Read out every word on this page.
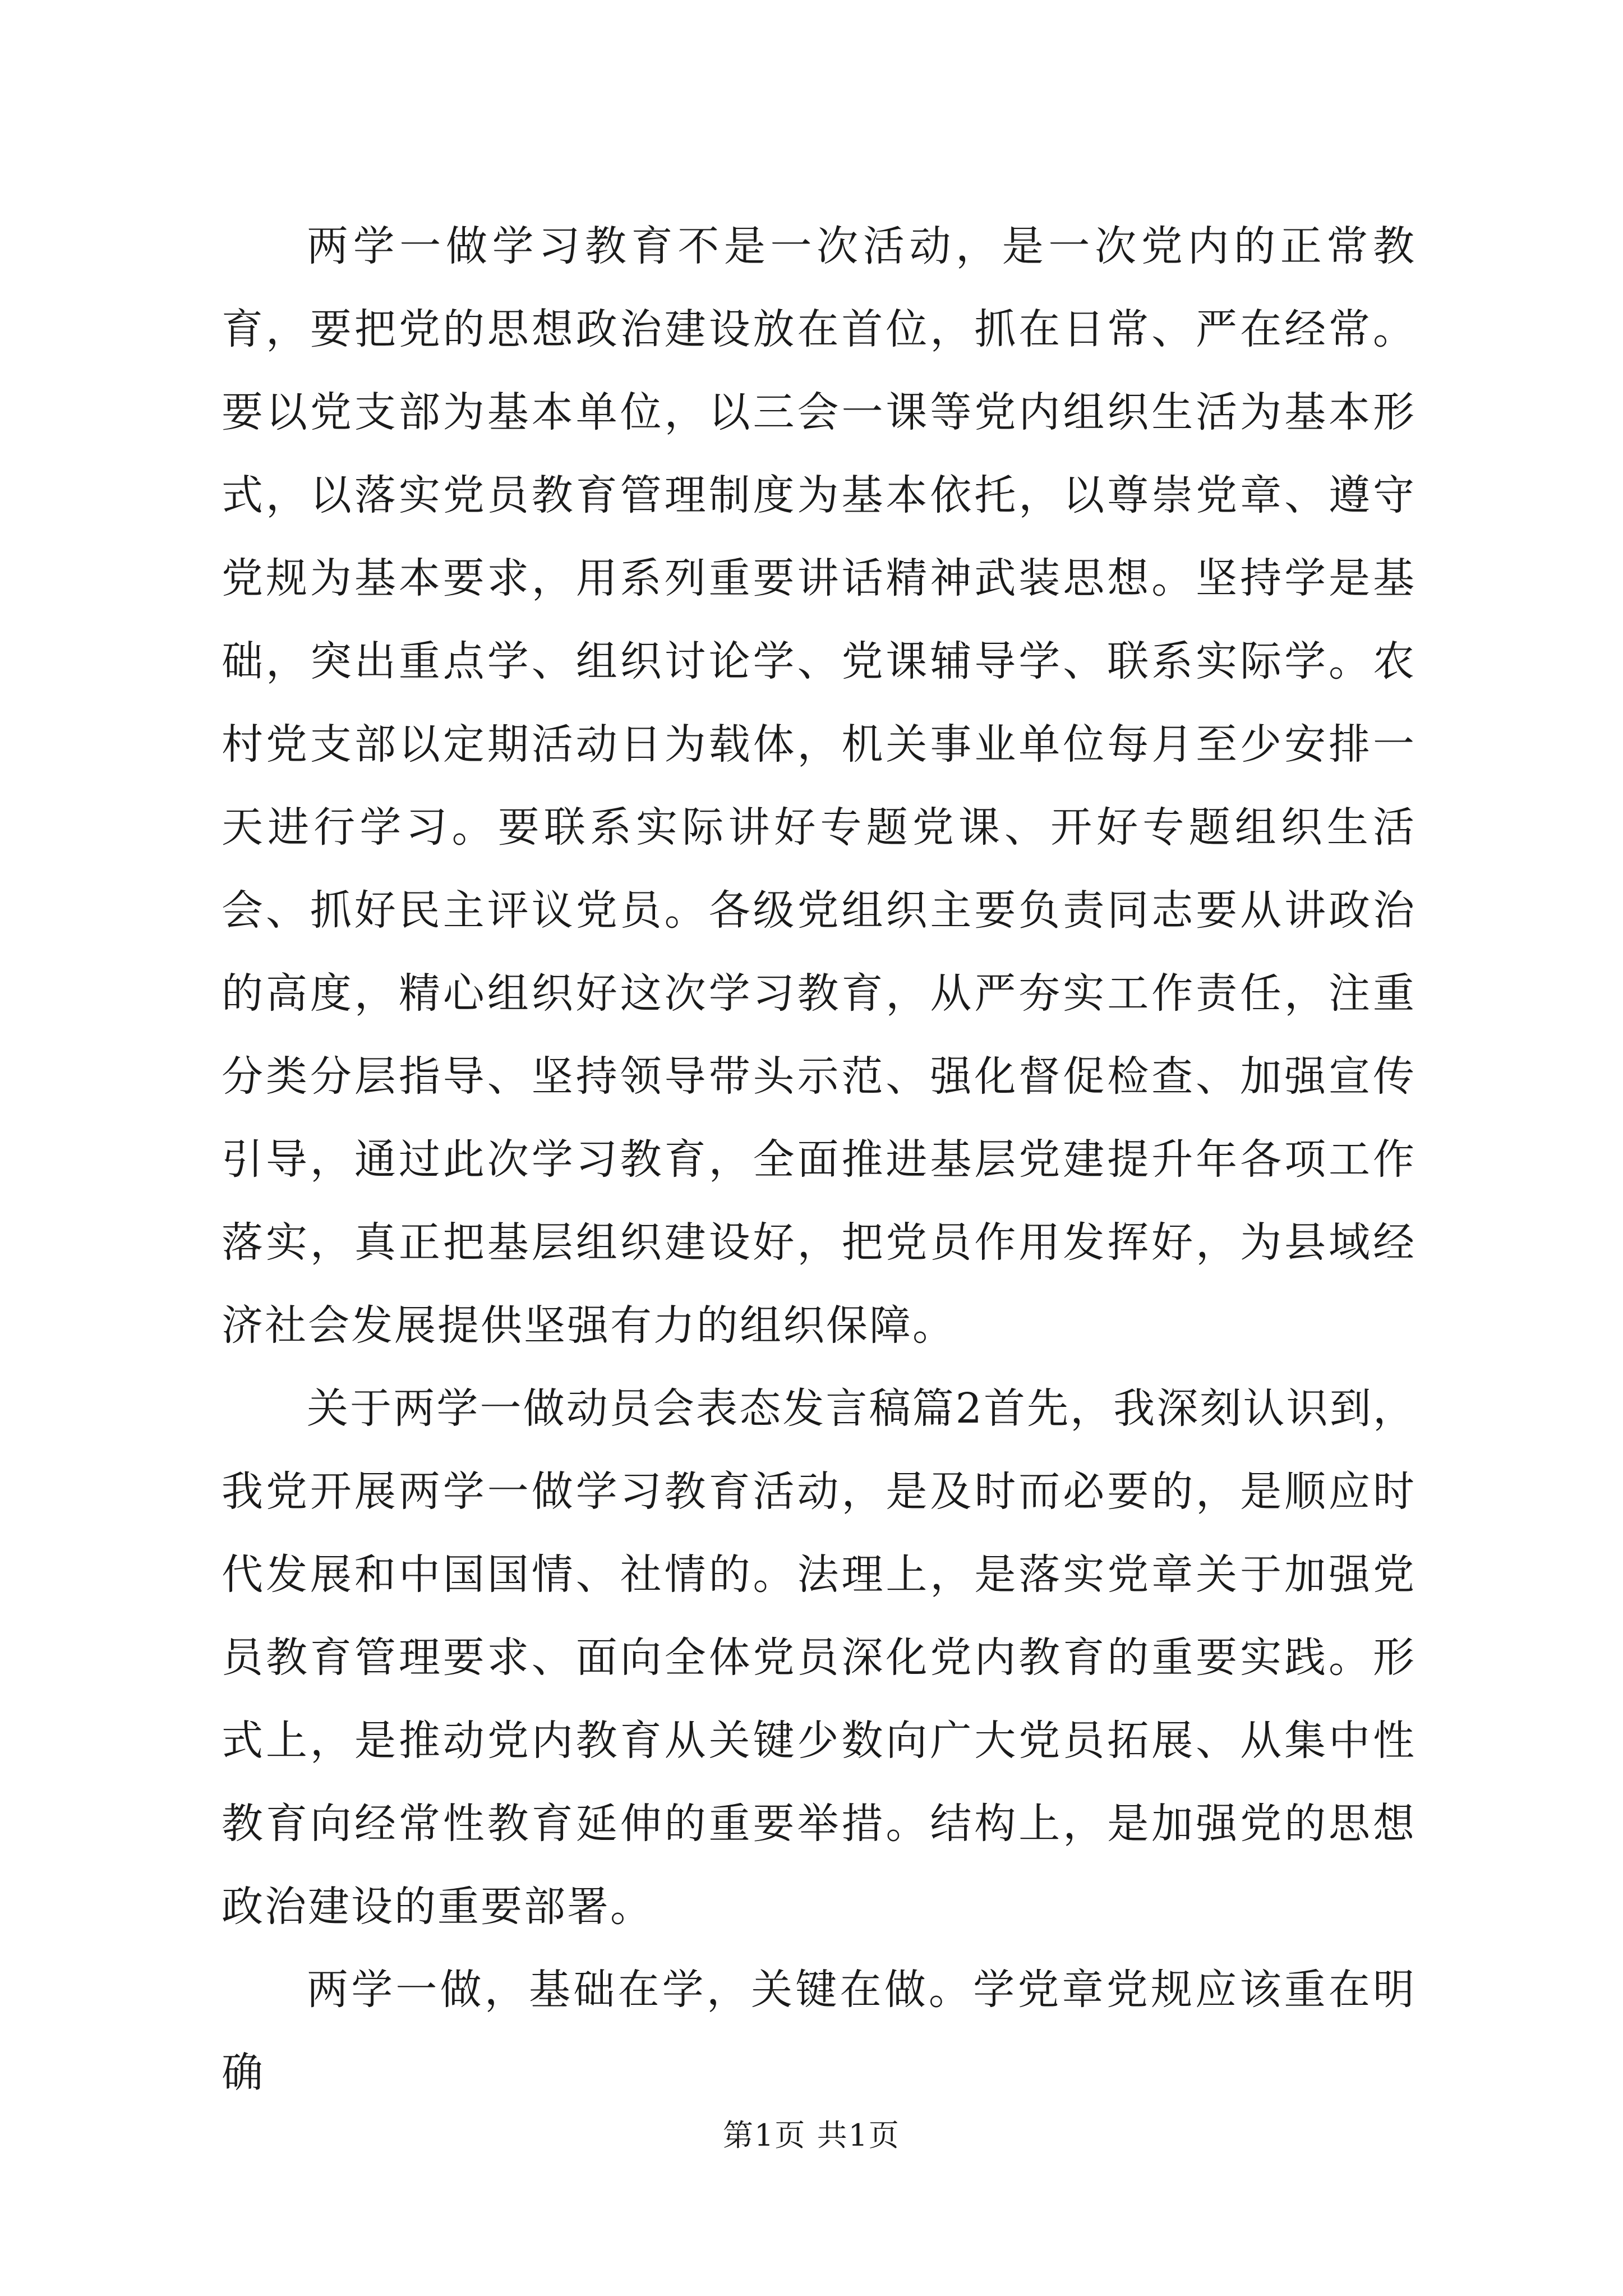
两学一做学习教育不是一次活动，是一次党内的正常教育，要把党的思想政治建设放在首位，抓在日常、严在经常。要以党支部为基本单位，以三会一课等党内组织生活为基本形式，以落实党员教育管理制度为基本依托，以尊崇党章、遵守党规为基本要求，用系列重要讲话精神武装思想。坚持学是基础，突出重点学、组织讨论学、党课辅导学、联系实际学。农村党支部以定期活动日为载体，机关事业单位每月至少安排一天进行学习。要联系实际讲好专题党课、开好专题组织生活会、抓好民主评议党员。各级党组织主要负责同志要从讲政治的高度，精心组织好这次学习教育，从严夯实工作责任，注重分类分层指导、坚持领导带头示范、强化督促检查、加强宣传引导，通过此次学习教育，全面推进基层党建提升年各项工作落实，真正把基层组织建设好，把党员作用发挥好，为县域经济社会发展提供坚强有力的组织保障。

关于两学一做动员会表态发言稿篇2首先，我深刻认识到，我党开展两学一做学习教育活动，是及时而必要的，是顺应时代发展和中国国情、社情的。法理上，是落实党章关于加强党员教育管理要求、面向全体党员深化党内教育的重要实践。形式上，是推动党内教育从关键少数向广大党员拓展、从集中性教育向经常性教育延伸的重要举措。结构上，是加强党的思想政治建设的重要部署。

两学一做，基础在学，关键在做。学党章党规应该重在明确

第1页 共1页
